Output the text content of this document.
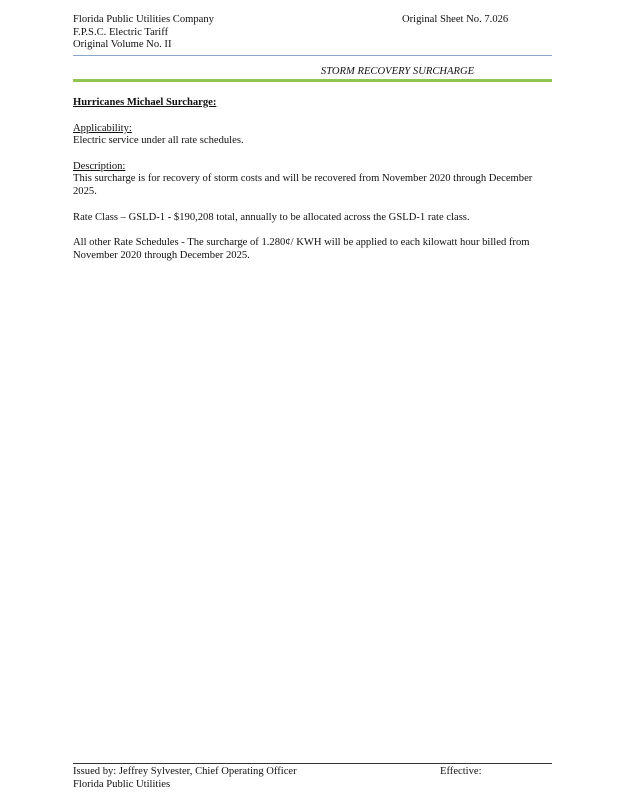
Florida Public Utilities Company
F.P.S.C. Electric Tariff
Original Volume No. II
Original Sheet No. 7.026
STORM RECOVERY SURCHARGE
Hurricanes Michael Surcharge:
Applicability:
Electric service under all rate schedules.
Description:
This surcharge is for recovery of storm costs and will be recovered from November 2020 through December 2025.
Rate Class – GSLD-1 - $190,208 total, annually to be allocated across the GSLD-1 rate class.
All other Rate Schedules - The surcharge of 1.280¢/ KWH will be applied to each kilowatt hour billed from November 2020 through December 2025.
Issued by: Jeffrey Sylvester, Chief Operating Officer
Florida Public Utilities
Effective:
